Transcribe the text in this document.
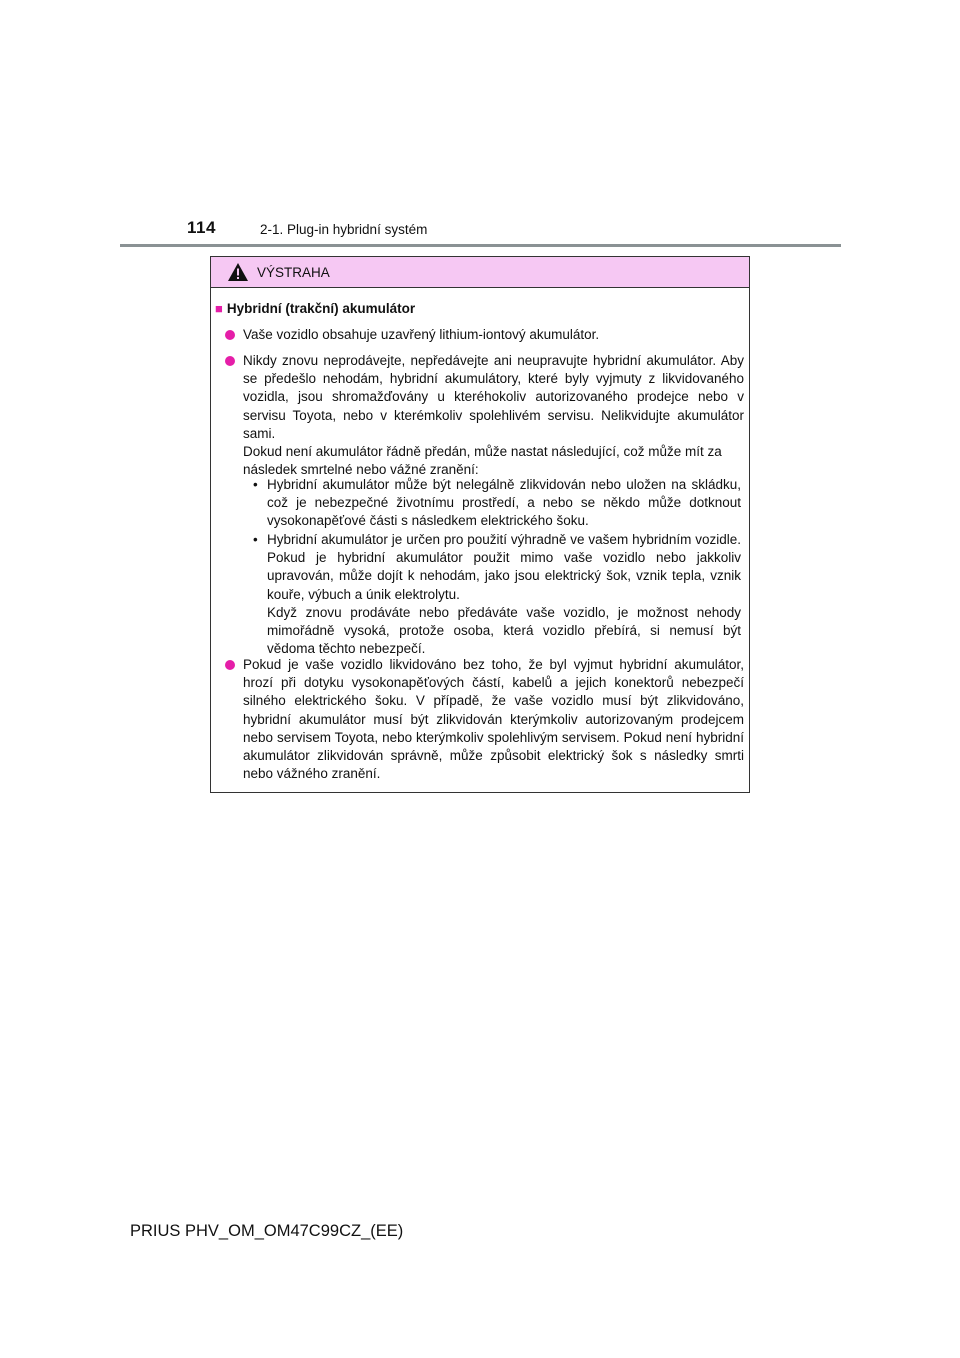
114	2-1. Plug-in hybridní systém
VÝSTRAHA
■ Hybridní (trakční) akumulátor
Vaše vozidlo obsahuje uzavřený lithium-iontový akumulátor.
Nikdy znovu neprodávejte, nepředávejte ani neupravujte hybridní akumulátor. Aby se předešlo nehodám, hybridní akumulátory, které byly vyjmuty z likvidovaného vozidla, jsou shromažďovány u kteréhokoliv autorizovaného prodejce nebo v servisu Toyota, nebo v kterémkoliv spolehlivém servisu. Nelikvidujte akumulátor sami.
Dokud není akumulátor řádně předán, může nastat následující, což může mít za následek smrtelné nebo vážné zranění:
• Hybridní akumulátor může být nelegálně zlikvidován nebo uložen na skládku, což je nebezpečné životnímu prostředí, a nebo se někdo může dotknout vysokonapěťové části s následkem elektrického šoku.
• Hybridní akumulátor je určen pro použití výhradně ve vašem hybridním vozidle. Pokud je hybridní akumulátor použit mimo vaše vozidlo nebo jakkoliv upravován, může dojít k nehodám, jako jsou elektrický šok, vznik tepla, vznik kouře, výbuch a únik elektrolytu.
Když znovu prodáváte nebo předáváte vaše vozidlo, je možnost nehody mimořádně vysoká, protože osoba, která vozidlo přebírá, si nemusí být vědoma těchto nebezpečí.
Pokud je vaše vozidlo likvidováno bez toho, že byl vyjmut hybridní akumulátor, hrozí při dotyku vysokonapěťových částí, kabelů a jejich konektorů nebezpečí silného elektrického šoku. V případě, že vaše vozidlo musí být zlikvidováno, hybridní akumulátor musí být zlikvidován kterýmkoliv autorizovaným prodejcem nebo servisem Toyota, nebo kterýmkoliv spolehlivým servisem. Pokud není hybridní akumulátor zlikvidován správně, může způsobit elektrický šok s následky smrti nebo vážného zranění.
PRIUS PHV_OM_OM47C99CZ_(EE)
